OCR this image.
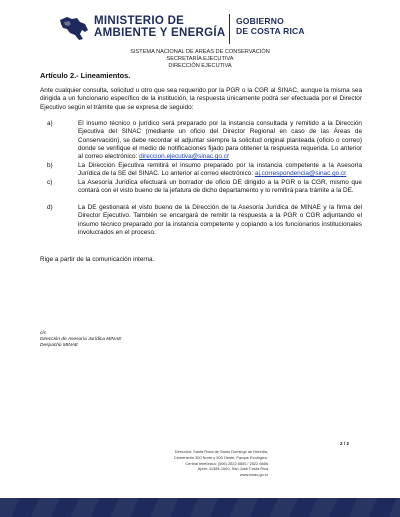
MINISTERIO DE
AMBIENTE Y ENERGÍA
GOBIERNO
DE COSTA RICA
SISTEMA NACIONAL DE AREAS DE CONSERVACIÓN
SECRETARÍA EJECUTIVA
DIRECCIÓN EJECUTIVA
Artículo 2.- Lineamientos.
Ante cualquier consulta, solicitud u otro que sea requerido por la PGR o la CGR al SINAC, aunque la misma sea dirigida a un funcionario específico de la institución, la respuesta únicamente podrá ser efectuada por el Director Ejecutivo según el trámite que se expresa de seguido:
a)	El insumo técnico o jurídico será preparado por la instancia consultada y remitido a la Dirección Ejecutiva del SINAC (mediante un oficio del Director Regional en caso de las Áreas de Conservación), se debe recordar el adjuntar siempre la solicitud original planteada (oficio o correo) donde se verifique el medio de notificaciones fijado para obtener la respuesta requerida. Lo anterior al correo electrónico: direccion.ejecutiva@sinac.go.cr
b)	La Dirección Ejecutiva remitirá el insumo preparado por la instancia competente a la Asesoría Jurídica de la SE del SINAC. Lo anterior al correo electrónico: aj.correspondencia@sinac.go.cr
c)	La Asesoría Jurídica efectuará un borrador de oficio DE dirigido a la PGR o la CGR, mismo que contará con el visto bueno de la jefatura de dicho departamento y lo remitirá para trámite a la DE.
d)	La DE gestionará el visto bueno de la Dirección de la Asesoría Jurídica de MINAE y la firma del Director Ejecutivo. También se encargará de remitir la respuesta a la PGR o CGR adjuntando el insumo técnico preparado por la instancia competente y copiando a los funcionarios institucionales involucrados en el proceso.
Rige a partir de la comunicación interna.
c/c
Dirección de Asesoría Jurídica MINAE
Despacho MINAE
2 / 2
Dirección: Santa Rosa de Santo Domingo de Heredia,
Cementerio 300 Norte y 300 Oeste, Parque Ecológico.
Central telefónica: (506) 2522 6500 / 2522 6666
Apdo: 11384-1000, San José Costa Rica
www.sinac.go.cr
